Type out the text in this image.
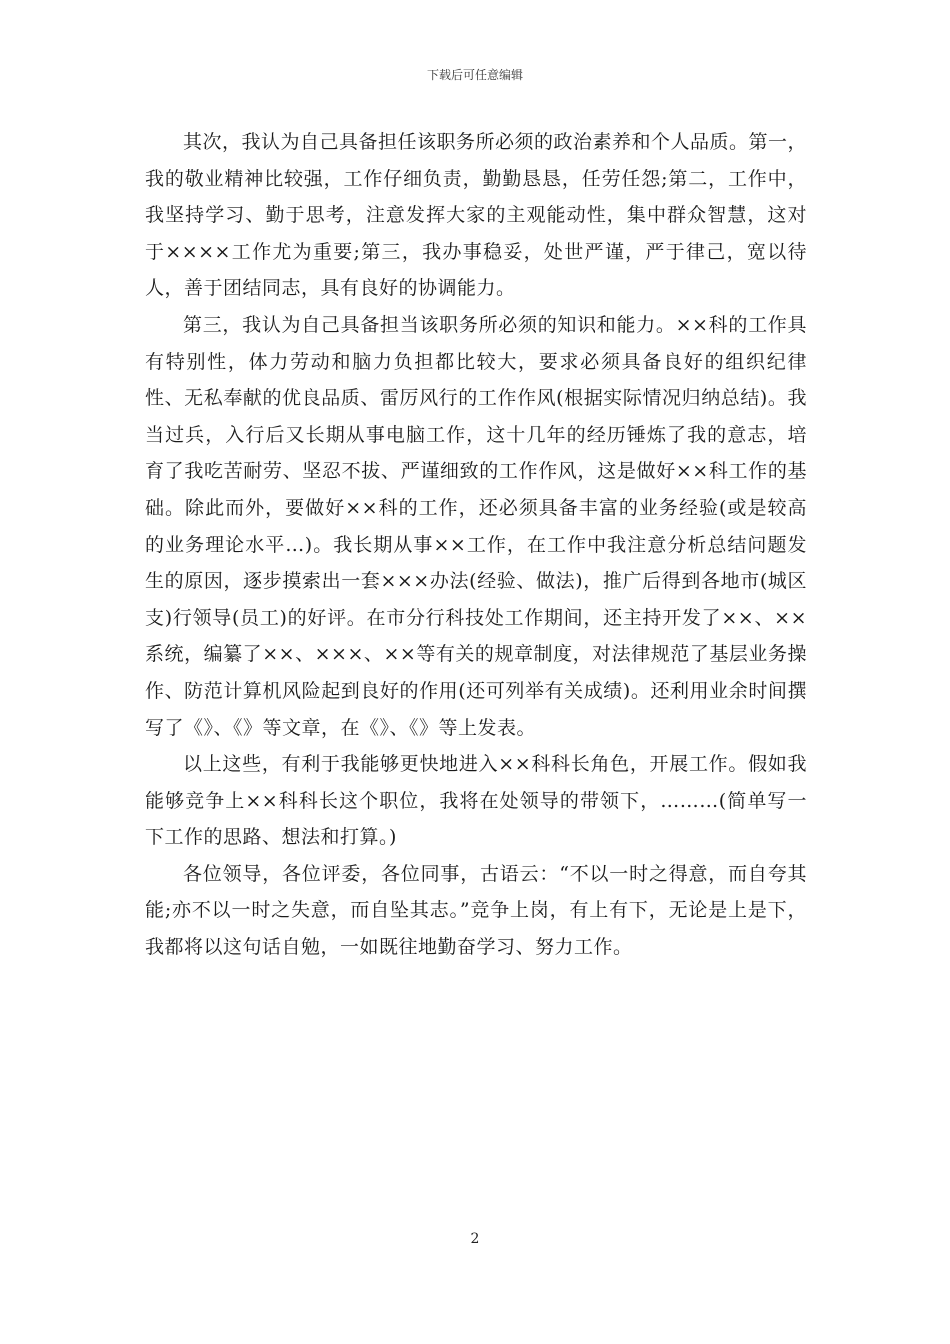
下载后可任意编辑

其次，我认为自己具备担任该职务所必须的政治素养和个人品质。第一，我的敬业精神比较强，工作仔细负责，勤勤恳恳，任劳任怨;第二，工作中，我坚持学习、勤于思考，注意发挥大家的主观能动性，集中群众智慧，这对于××××工作尤为重要;第三，我办事稳妥，处世严谨，严于律己，宽以待人，善于团结同志，具有良好的协调能力。

第三，我认为自己具备担当该职务所必须的知识和能力。××科的工作具有特别性，体力劳动和脑力负担都比较大，要求必须具备良好的组织纪律性、无私奉献的优良品质、雷厉风行的工作作风(根据实际情况归纳总结)。我当过兵，入行后又长期从事电脑工作，这十几年的经历锤炼了我的意志，培育了我吃苦耐劳、坚忍不拔、严谨细致的工作作风，这是做好××科工作的基础。除此而外，要做好××科的工作，还必须具备丰富的业务经验(或是较高的业务理论水平…)。我长期从事××工作，在工作中我注意分析总结问题发生的原因，逐步摸索出一套×××办法(经验、做法)，推广后得到各地市(城区支)行领导(员工)的好评。在市分行科技处工作期间，还主持开发了××、××系统，编纂了××、×××、××等有关的规章制度，对法律规范了基层业务操作、防范计算机风险起到良好的作用(还可列举有关成绩)。还利用业余时间撰写了《》、《》等文章，在《》、《》等上发表。

以上这些，有利于我能够更快地进入××科科长角色，开展工作。假如我能够竞争上××科科长这个职位，我将在处领导的带领下，………(简单写一下工作的思路、想法和打算。)

各位领导，各位评委，各位同事，古语云：“不以一时之得意，而自夸其能;亦不以一时之失意，而自坠其志。”竞争上岗，有上有下，无论是上是下，我都将以这句话自勉，一如既往地勤奋学习、努力工作。

2
